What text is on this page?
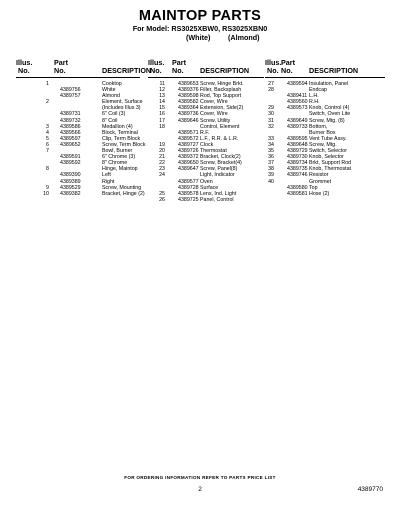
MAINTOP PARTS
For Model: RS3025XBW0, RS3025XBN0
(White) (Almond)
Illus.
No.
Part
No.	DESCRIPTION
1	Cooktop
4389756	White
4389757	Almond
2	Element, Surface
(Includes Illus 3)
4389731	6" Coil (3)
4389732	8" Coil
3 4389586	Medallion (4)
4 4389566	Block, Terminal
5 4389597	Clip, Term Block
6 4389652	Screw, Term Block
7	Bowl, Burner
4389591	6" Chrome (3)
4389592	8" Chrome
8	Hinge, Maintop
4389390	Left
4389389	Right
9 4389529	Screw, Mounting
10 4389382	Bracket, Hinge (2)
Illus.
No.
Part
No. DESCRIPTION
11 4389653 Screw, Hinge Brkt.
12 4389376 Filler, Backsplash
13 4389598 Rod, Top Support
14 4389582 Cover, Wire
15 4389364 Extension, Side(2)
16 4389736 Cover, Wire
17 4389646 Screw, Utility
18	Control, Element
4389571 R.F.
4389572 L.F., R.R. & L.R.
19 4389727 Clock
20 4389726 Thermostat
21 4389372 Bracket, Clock(2)
22 4389650 Screw, Bracket(4)
23 4389647 Screw, Panel(8)
24	Light, Indicator
4389577 Oven
4389728 Surface
25 4389578 Lens, Ind. Light
26 4389725 Panel, Control
Illus.
No.
Part
No. DESCRIPTION
27 4389594 Insulation, Panel
28	Endcap
4389411 L.H.
4389560 R.H.
29 4389573 Knob, Control (4)
30	Switch, Oven Lite
31 4389649 Screw, Mtg. (8)
32 4389733 Bottom,
Burner Box
33 4389595 Vent Tube Assy.
34 4389648 Screw, Mtg.
35 4389729 Switch, Selector
36 4389730 Knob, Selector
37 4389734 Brkt, Support Rod
38 4389735 Knob, Thermostat
39 4389746 Resistor
40	Grommet
4389580 Top
4389581 Hose (2)
FOR ORDERING INFORMATION REFER TO PARTS PRICE LIST
2	4389770
